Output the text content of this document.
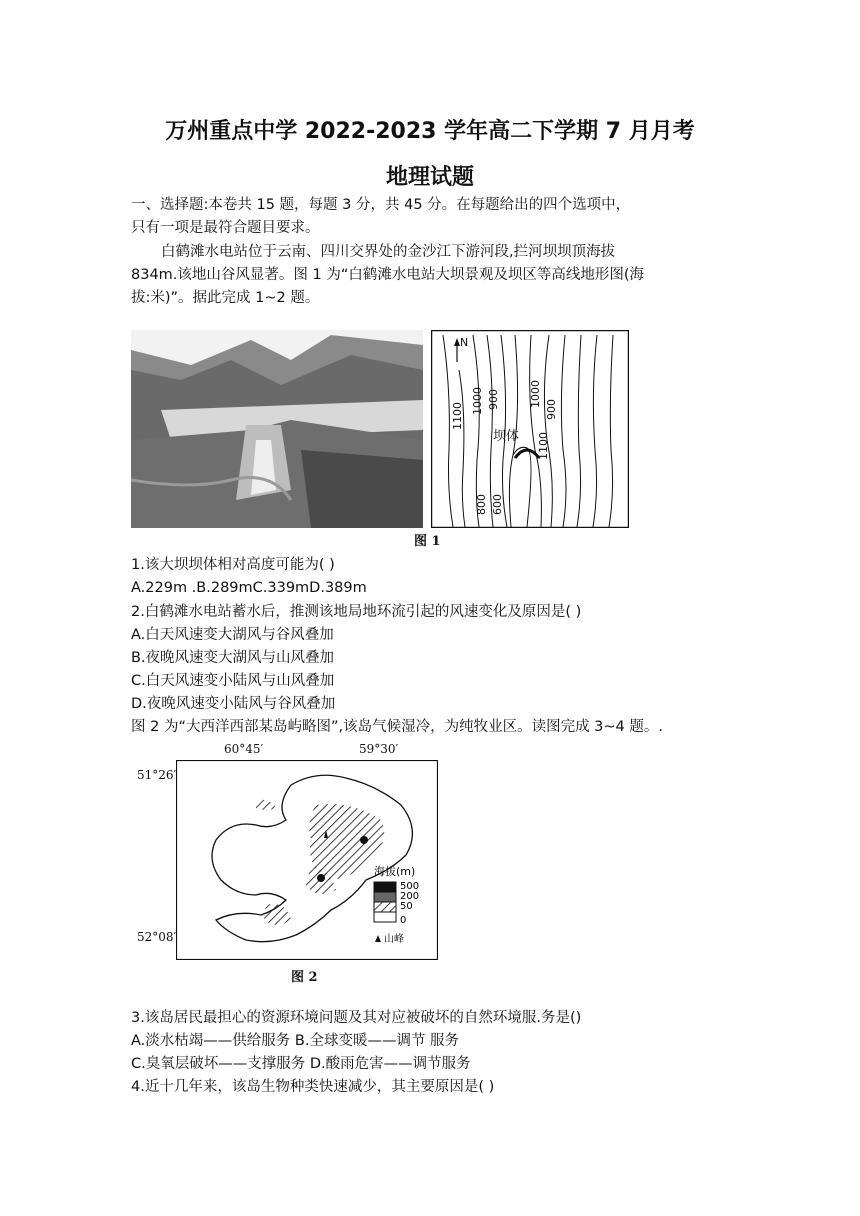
万州重点中学 2022-2023 学年高二下学期 7 月月考
地理试题
一、选择题:本卷共 15 题，每题 3 分，共 45 分。在每题给出的四个选项中，
只有一项是最符合题目要求。
白鹤滩水电站位于云南、四川交界处的金沙江下游河段,拦河坝坝顶海拔
834m.该地山谷风显著。图 1 为“白鹤滩水电站大坝景观及坝区等高线地形图(海
拔:米)”。据此完成 1~2 题。
N
1100
1000 900	900
1000
1100
800 600
坝体
图 1
1.该大坝坝体相对高度可能为( )
A.229m .B.289mC.339mD.389m
2.白鹤滩水电站蓄水后，推测该地局地环流引起的风速变化及原因是( )
A.白天风速变大湖风与谷风叠加
B.夜晚风速变大湖风与山风叠加
C.白天风速变小陆风与山风叠加
D.夜晚风速变小陆风与谷风叠加
图 2 为“大西洋西部某岛屿略图”,该岛气候湿冷，为纯牧业区。读图完成 3~4 题。.
60°45′	59°30′
51°26′
52°08′
海拔(m)
500
200
50
0
山峰
图 2
3.该岛居民最担心的资源环境问题及其对应被破坏的自然环境服.务是()
A.淡水枯竭——供给服务 B.全球变暖——调节 服务
C.臭氧层破坏——支撑服务 D.酸雨危害——调节服务
4.近十几年来，该岛生物种类快速减少，其主要原因是( )
